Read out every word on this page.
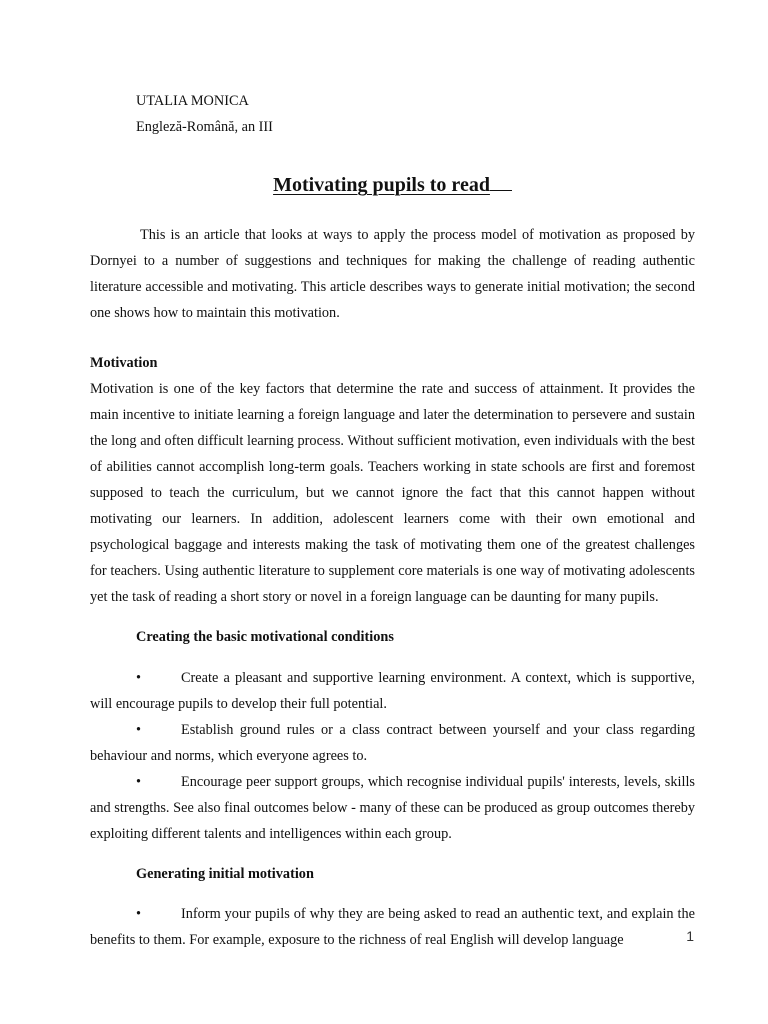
UTALIA MONICA
Engleză-Română, an III
Motivating pupils to read

This is an article that looks at ways to apply the process model of motivation as proposed by Dornyei to a number of suggestions and techniques for making the challenge of reading authentic literature accessible and motivating. This article describes ways to generate initial motivation; the second one shows how to maintain this motivation.

Motivation

Motivation is one of the key factors that determine the rate and success of attainment. It provides the main incentive to initiate learning a foreign language and later the determination to persevere and sustain the long and often difficult learning process. Without sufficient motivation, even individuals with the best of abilities cannot accomplish long-term goals. Teachers working in state schools are first and foremost supposed to teach the curriculum, but we cannot ignore the fact that this cannot happen without motivating our learners. In addition, adolescent learners come with their own emotional and psychological baggage and interests making the task of motivating them one of the greatest challenges for teachers. Using authentic literature to supplement core materials is one way of motivating adolescents yet the task of reading a short story or novel in a foreign language can be daunting for many pupils.

Creating the basic motivational conditions

•	Create a pleasant and supportive learning environment. A context, which is supportive, will encourage pupils to develop their full potential.

•	Establish ground rules or a class contract between yourself and your class regarding behaviour and norms, which everyone agrees to.

•	Encourage peer support groups, which recognise individual pupils' interests, levels, skills and strengths. See also final outcomes below - many of these can be produced as group outcomes thereby exploiting different talents and intelligences within each group.

Generating initial motivation

•	Inform your pupils of why they are being asked to read an authentic text, and explain the benefits to them. For example, exposure to the richness of real English will develop language	1
